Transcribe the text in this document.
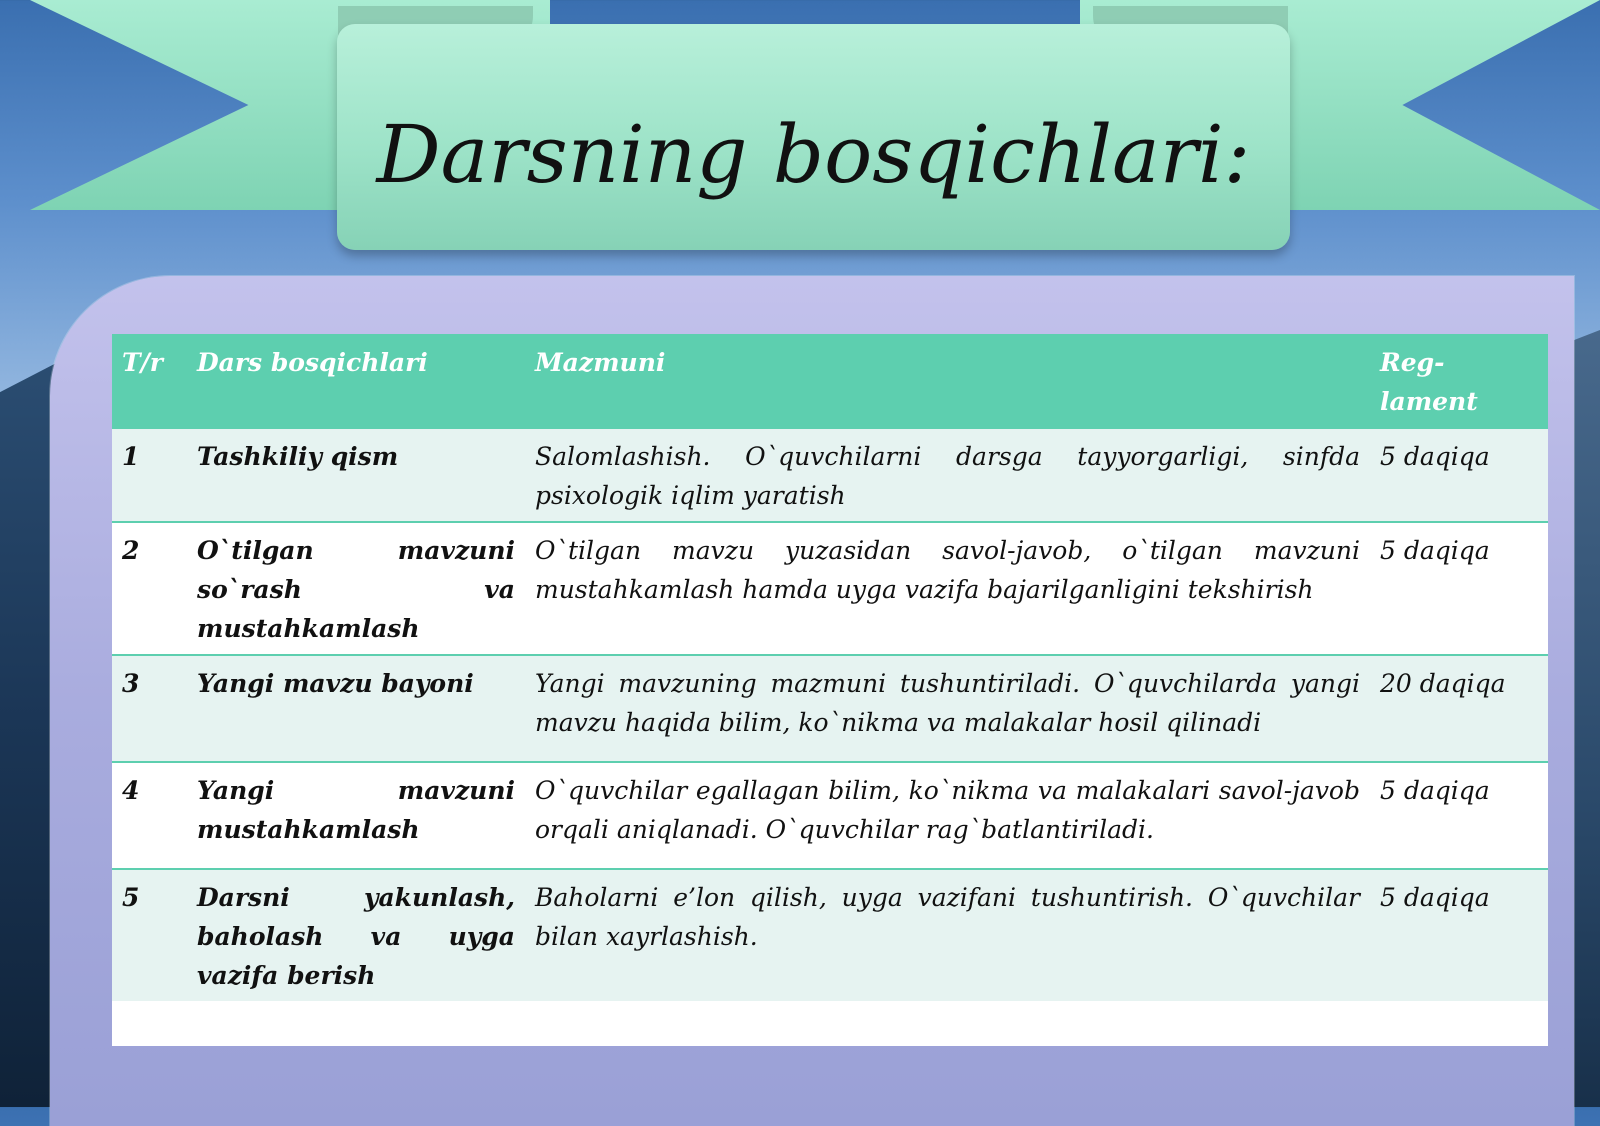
Darsning bosqichlari:
T/r	Dars bosqichlari	Mazmuni	Reg-lament
1	Tashkiliy qism	Salomlashish. O`quvchilarni darsga tayyorgarligi, sinfda psixologik iqlim yaratish	5 daqiqa
2	O`tilgan mavzuni so`rash va mustahkamlash	O`tilgan mavzu yuzasidan savol-javob, o`tilgan mavzuni mustahkamlash hamda uyga vazifa bajarilganligini tekshirish	5 daqiqa
3	Yangi mavzu bayoni	Yangi mavzuning mazmuni tushuntiriladi. O`quvchilarda yangi mavzu haqida bilim, ko`nikma va malakalar hosil qilinadi	20 daqiqa
4	Yangi mavzuni mustahkamlash	O`quvchilar egallagan bilim, ko`nikma va malakalari savol-javob orqali aniqlanadi. O`quvchilar rag`batlantiriladi.	5 daqiqa
5	Darsni yakunlash, baholash va uyga vazifa berish	Baholarni e’lon qilish, uyga vazifani tushuntirish. O`quvchilar bilan xayrlashish.	5 daqiqa
